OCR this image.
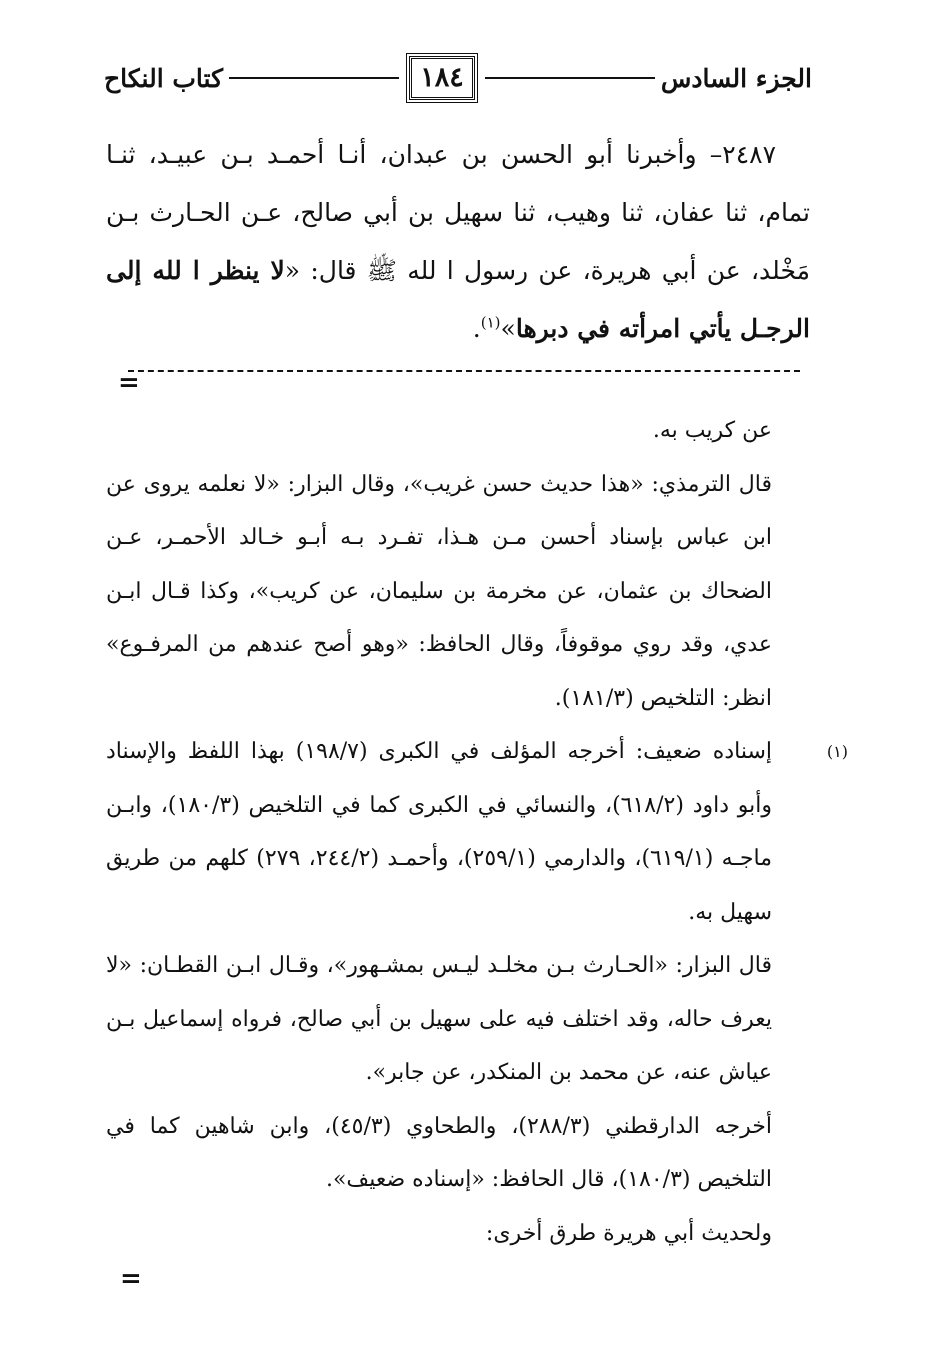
الجزء السادس
١٨٤
كتاب النكاح
٢٤٨٧– وأخبرنا أبو الحسن بن عبدان، أنـا أحمـد بـن عبيـد، ثنـا تمام، ثنا عفان، ثنا وهيب، ثنا سهيل بن أبي صالح، عـن الحـارث بـن مَخْلد، عن أبي هريرة، عن رسول ا لله ﷺ قال: «لا ينظر ا لله إلى الرجـل يأتي امرأته في دبرها»$^{(١)}$.
=

عن كريب به.

قال الترمذي: «هذا حديث حسن غريب»، وقال البزار: «لا نعلمه يروى عن ابن عباس بإسناد أحسن مـن هـذا، تفـرد بـه أبـو خـالد الأحمـر، عـن الضحاك بن عثمان، عن مخرمة بن سليمان، عن كريب»، وكذا قـال ابـن عدي، وقد روي موقوفاً، وقال الحافظ: «وهو أصح عندهم من المرفـوع» انظر: التلخيص (١٨١/٣).

(١)إسناده ضعيف: أخرجه المؤلف في الكبرى (١٩٨/٧) بهذا اللفظ والإسناد وأبو داود (٦١٨/٢)، والنسائي في الكبرى كما في التلخيص (١٨٠/٣)، وابـن ماجـه (٦١٩/١)، والدارمي (٢٥٩/١)، وأحمـد (٢٤٤/٢، ٢٧٩) كلهم من طريق سهيل به.

قال البزار: «الحـارث بـن مخلـد ليـس بمشـهور»، وقـال ابـن القطـان: «لا يعرف حاله، وقد اختلف فيه على سهيل بن أبي صالح، فرواه إسماعيل بـن عياش عنه، عن محمد بن المنكدر، عن جابر».

أخرجه الدارقطني (٢٨٨/٣)، والطحاوي (٤٥/٣)، وابن شاهين كما في التلخيص (١٨٠/٣)، قال الحافظ: «إسناده ضعيف».

ولحديث أبي هريرة طرق أخرى:

=
